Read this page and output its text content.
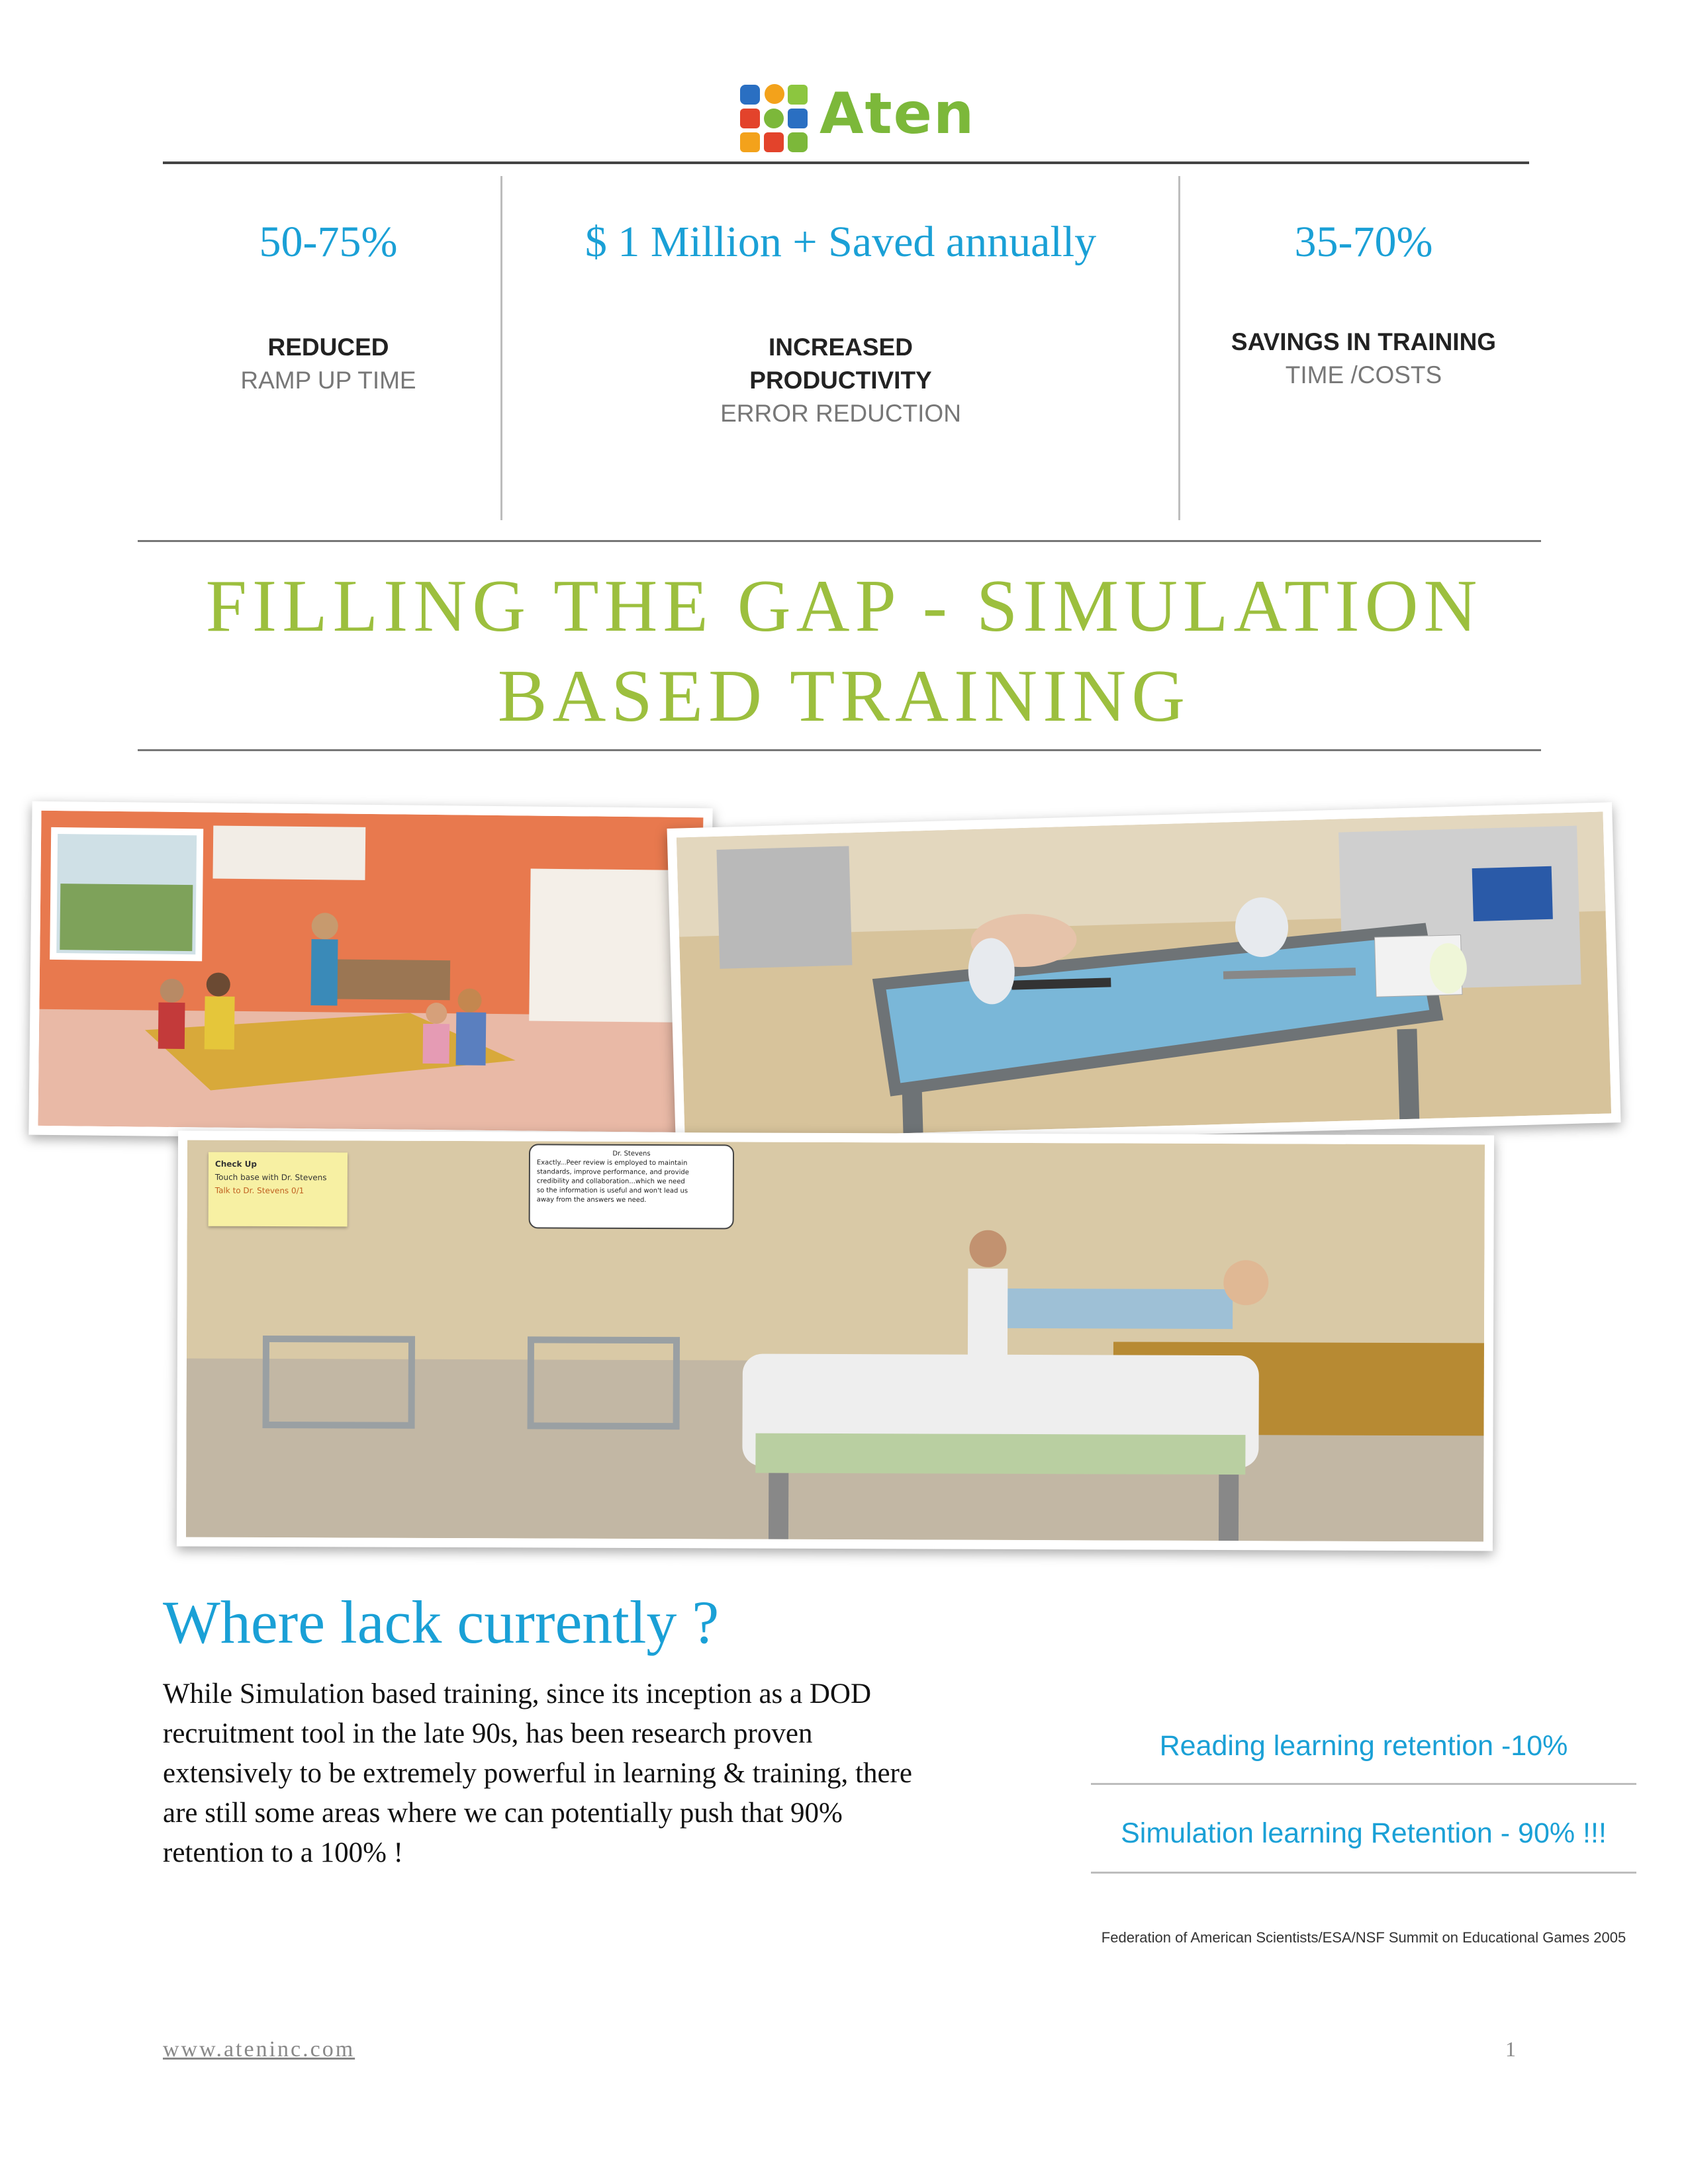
Aten
50-75%
REDUCED
RAMP UP TIME
$ 1 Million + Saved annually
INCREASED
PRODUCTIVITY
ERROR REDUCTION
35-70%
SAVINGS IN TRAINING
TIME /COSTS
FILLING THE GAP - SIMULATION
BASED TRAINING
Check Up
Touch base with Dr. Stevens
Talk to Dr. Stevens 0/1
Dr. Stevens
Exactly...Peer review is employed to maintain
standards, improve performance, and provide
credibility and collaboration...which we need
so the information is useful and won't lead us
away from the answers we need.
Where lack currently ?
While Simulation based training, since its inception as a DOD
recruitment tool in the late 90s, has been research proven
extensively to be extremely powerful in learning & training, there
are still some areas where we can potentially push that 90%
retention to a 100% !
Reading learning retention -10%
Simulation learning Retention - 90% !!!
Federation of American Scientists/ESA/NSF Summit on Educational Games 2005
www.ateninc.com	1
